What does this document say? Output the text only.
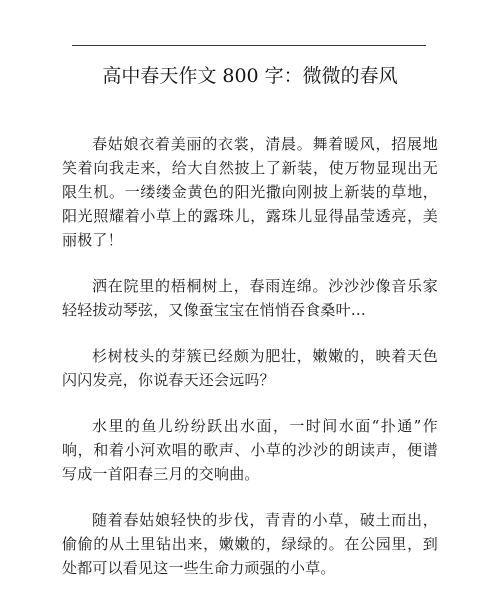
高中春天作文 800 字：微微的春风

春姑娘衣着美丽的衣裳，清晨。舞着暖风，招展地笑着向我走来，给大自然披上了新装，使万物显现出无限生机。一缕缕金黄色的阳光撒向刚披上新装的草地，阳光照耀着小草上的露珠儿，露珠儿显得晶莹透亮，美丽极了！

洒在院里的梧桐树上，春雨连绵。沙沙沙像音乐家轻轻拔动琴弦，又像蚕宝宝在悄悄吞食桑叶…

杉树枝头的芽簇已经颇为肥壮，嫩嫩的，映着天色闪闪发亮，你说春天还会远吗？

水里的鱼儿纷纷跃出水面，一时间水面“扑通”作响，和着小河欢唱的歌声、小草的沙沙的朗读声，便谱写成一首阳春三月的交响曲。

随着春姑娘轻快的步伐，青青的小草，破土而出，偷偷的从土里钻出来，嫩嫩的，绿绿的。在公园里，到处都可以看见这一些生命力顽强的小草。
